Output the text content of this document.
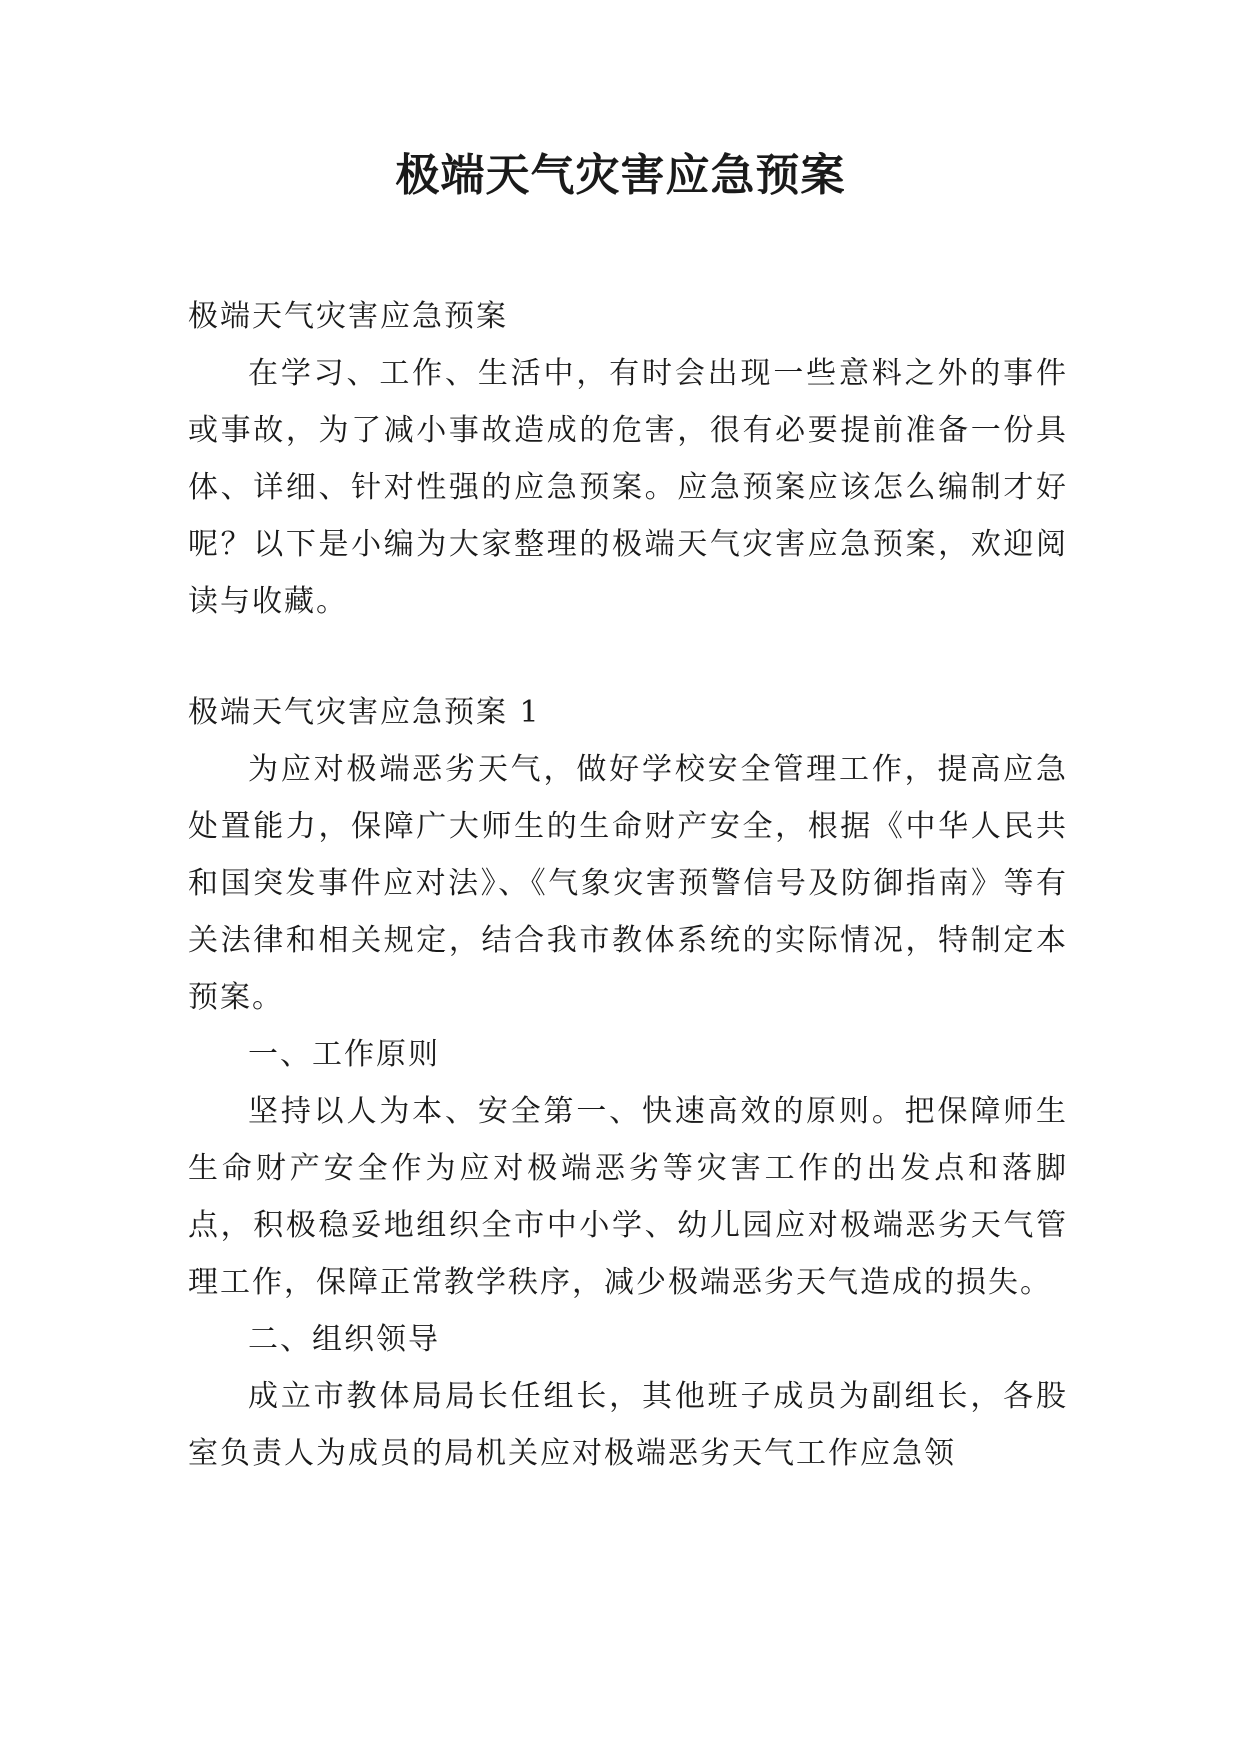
极端天气灾害应急预案

极端天气灾害应急预案

在学习、工作、生活中，有时会出现一些意料之外的事件或事故，为了减小事故造成的危害，很有必要提前准备一份具体、详细、针对性强的应急预案。应急预案应该怎么编制才好呢？以下是小编为大家整理的极端天气灾害应急预案，欢迎阅读与收藏。

极端天气灾害应急预案 1

为应对极端恶劣天气，做好学校安全管理工作，提高应急处置能力，保障广大师生的生命财产安全，根据《中华人民共和国突发事件应对法》、《气象灾害预警信号及防御指南》等有关法律和相关规定，结合我市教体系统的实际情况，特制定本预案。

一、工作原则

坚持以人为本、安全第一、快速高效的原则。把保障师生生命财产安全作为应对极端恶劣等灾害工作的出发点和落脚点，积极稳妥地组织全市中小学、幼儿园应对极端恶劣天气管理工作，保障正常教学秩序，减少极端恶劣天气造成的损失。

二、组织领导

成立市教体局局长任组长，其他班子成员为副组长，各股室负责人为成员的局机关应对极端恶劣天气工作应急领
